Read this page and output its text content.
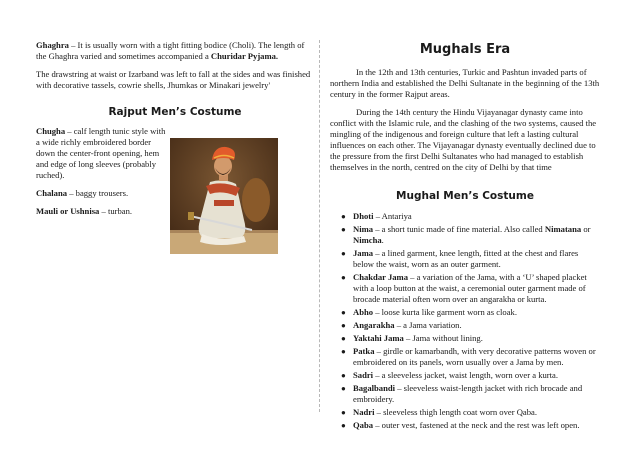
Ghaghra – It is usually worn with a tight fitting bodice (Choli). The length of the Ghaghra varied and sometimes accompanied a Churidar Pyjama.

The drawstring at waist or Izarband was left to fall at the sides and was finished with decorative tassels, cowrie shells, Jhumkas or Minakari jewelry'

Rajput Men’s Costume

Chugha – calf length tunic style with a wide richly embroidered border down the center-front opening, hem and edge of long sleeves (probably ruched).

Chalana – baggy trousers.

Mauli or Ushnisa – turban.

Mughals Era

In the 12th and 13th centuries, Turkic and Pashtun invaded parts of northern India and established the Delhi Sultanate in the beginning of the 13th century in the former Rajput areas.

During the 14th century the Hindu Vijayanagar dynasty came into conflict with the Islamic rule, and the clashing of the two systems, caused the mingling of the indigenous and foreign culture that left a lasting cultural influences on each other. The Vijayanagar dynasty eventually declined due to the pressure from the first Delhi Sultanates who had managed to establish themselves in the north, centred on the city of Delhi by that time

Mughal Men’s Costume
● Dhoti – Antariya
● Nima – a short tunic made of fine material. Also called Nimatana or Nimcha.
● Jama – a lined garment, knee length, fitted at the chest and flares below the waist, worn as an outer garment.
● Chakdar Jama – a variation of the Jama, with a ‘U’ shaped placket with a loop button at the waist, a ceremonial outer garment made of brocade material often worn over an angarakha or kurta.
● Abho – loose kurta like garment worn as cloak.
● Angarakha – a Jama variation.
● Yaktahi Jama – Jama without lining.
● Patka – girdle or kamarbandh, with very decorative patterns woven or embroidered on its panels, worn usually over a Jama by men.
● Sadri – a sleeveless jacket, waist length, worn over a kurta.
● Bagalbandi – sleeveless waist-length jacket with rich brocade and embroidery.
● Nadri – sleeveless thigh length coat worn over Qaba.
● Qaba – outer vest, fastened at the neck and the rest was left open.
